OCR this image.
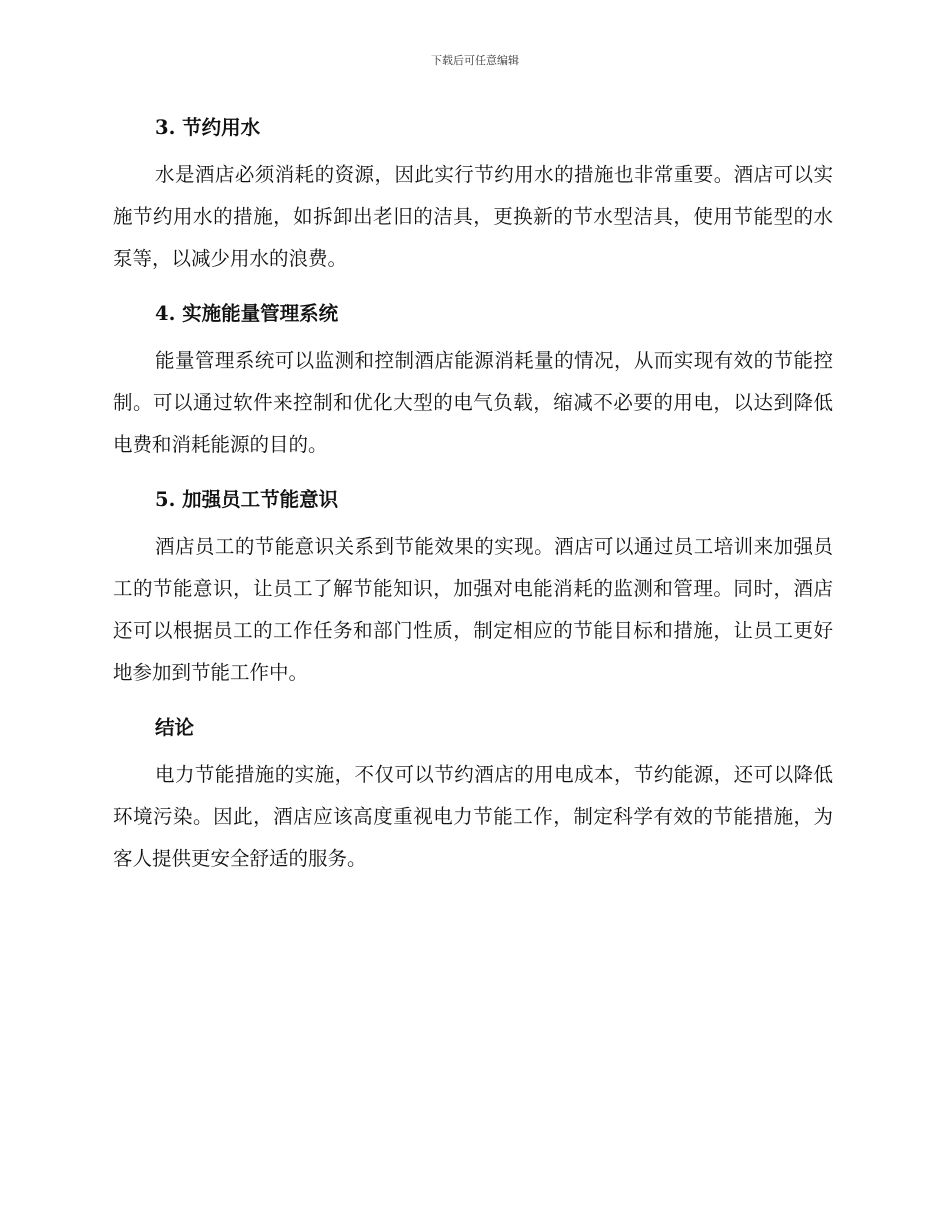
下载后可任意编辑
3. 节约用水

水是酒店必须消耗的资源，因此实行节约用水的措施也非常重要。酒店可以实施节约用水的措施，如拆卸出老旧的洁具，更换新的节水型洁具，使用节能型的水泵等，以减少用水的浪费。

4. 实施能量管理系统

能量管理系统可以监测和控制酒店能源消耗量的情况，从而实现有效的节能控制。可以通过软件来控制和优化大型的电气负载，缩减不必要的用电，以达到降低电费和消耗能源的目的。

5. 加强员工节能意识

酒店员工的节能意识关系到节能效果的实现。酒店可以通过员工培训来加强员工的节能意识，让员工了解节能知识，加强对电能消耗的监测和管理。同时，酒店还可以根据员工的工作任务和部门性质，制定相应的节能目标和措施，让员工更好地参加到节能工作中。

结论

电力节能措施的实施，不仅可以节约酒店的用电成本，节约能源，还可以降低环境污染。因此，酒店应该高度重视电力节能工作，制定科学有效的节能措施，为客人提供更安全舒适的服务。
